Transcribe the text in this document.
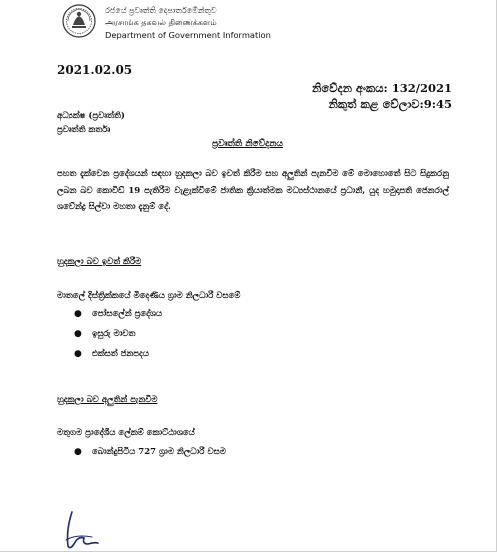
රජයේ ප්‍රවෘත්ති දෙපාර්තමේන්තුව
அரசாங்க தகவல் திணைக்களம்
Department of Government Information
2021.02.05
නිවේදන අංකය: 132/2021
නිකුත් කළ වේලාව:9:45
අධ්‍යක්ෂ (ප්‍රවෘත්ති)
ප්‍රවෘත්ති කර්තෘ
ප්‍රවෘත්ති නිවේදනය
පහත දැක්වෙන ප්‍රදේශයන් සඳහා හුදකලා බව ඉවත් කිරීම සහ අලුතින් පැනවීම මේ මොහොතේ සිට සිදුකරනු ලබන බව කොවිඩ් 19 පැතිරීම වැළැක්වීමේ ජාතික ක්‍රියාත්මක මධ්‍යස්ථානයේ ප්‍රධානී, යුද හමුදාපති ජෙනරාල් ශවේන්ද්‍ර සිල්වා මහතා දැනුම් දේ.
හුදකලා බව ඉවත් කිරීම
මාතලේ දිස්ත්‍රික්කයේ මීදෙණිය ග්‍රාම නිලධාරී වසමේ
● පෝසලේන් ප්‍රදේශය
● ඉසුරු මාවත
● එක්සත් ජනපදය
හුදකලා බව අලුතින් පැනවීම
මතුගම ප්‍රාදේශීය ලේකම් කොට්ඨාශයේ
● බොන්දුපිටිය 727 ග්‍රාම නිලධාරී වසම
